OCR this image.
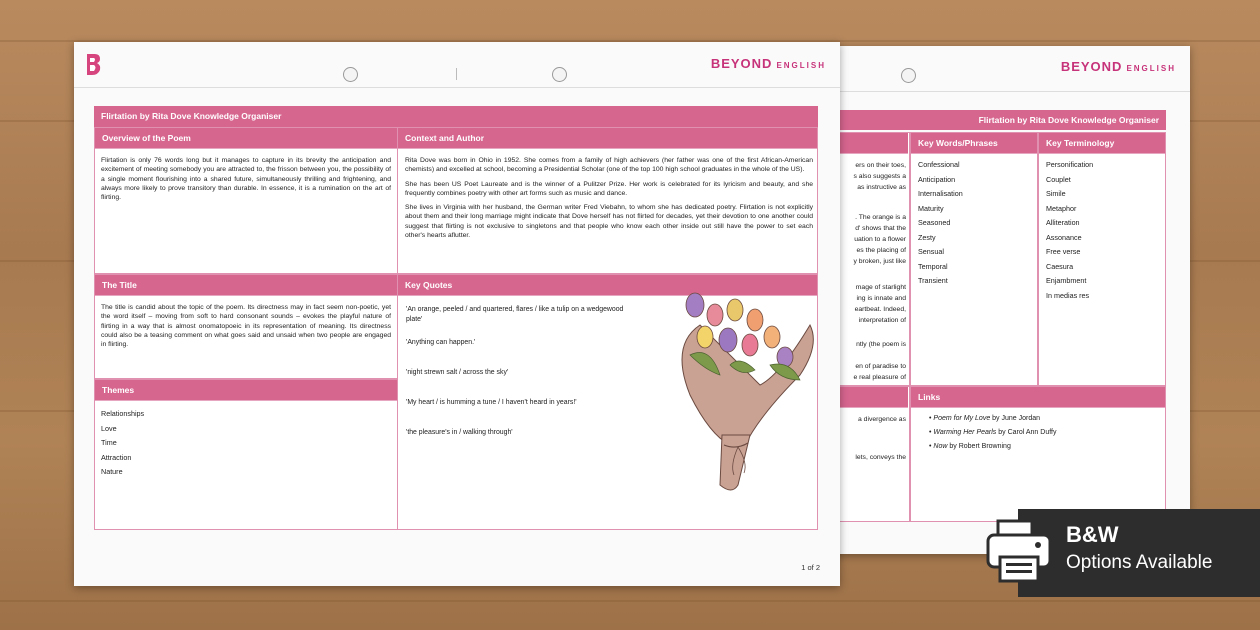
BEYOND ENGLISH
Flirtation by Rita Dove Knowledge Organiser
ers on their toes,
s also suggests a
as instructive as
. The orange is a
d' shows that the
uation to a flower
es the placing of
y broken, just like
mage of starlight
ing is innate and
eartbeat. Indeed,
interpretation of
ntly (the poem is
en of paradise to
e real pleasure of
a divergence as
lets, conveys the
Key Words/Phrases
Confessional
Anticipation
Internalisation
Maturity
Seasoned
Zesty
Sensual
Temporal
Transient
Key Terminology
Personification
Couplet
Simile
Metaphor
Alliteration
Assonance
Free verse
Caesura
Enjambment
In medias res
Links
• Poem for My Love by June Jordan
• Warming Her Pearls by Carol Ann Duffy
• Now by Robert Browning
BEYOND ENGLISH
Flirtation by Rita Dove Knowledge Organiser
Overview of the Poem
Flirtation is only 76 words long but it manages to capture in its brevity the anticipation and excitement of meeting somebody you are attracted to, the frisson between you, the possibility of a single moment flourishing into a shared future, simultaneously thrilling and frightening, and always more likely to prove transitory than durable. In essence, it is a rumination on the art of flirting.
Context and Author

Rita Dove was born in Ohio in 1952. She comes from a family of high achievers (her father was one of the first African-American chemists) and excelled at school, becoming a Presidential Scholar (one of the top 100 high school graduates in the whole of the US).

She has been US Poet Laureate and is the winner of a Pulitzer Prize. Her work is celebrated for its lyricism and beauty, and she frequently combines poetry with other art forms such as music and dance.

She lives in Virginia with her husband, the German writer Fred Viebahn, to whom she has dedicated poetry. Flirtation is not explicitly about them and their long marriage might indicate that Dove herself has not flirted for decades, yet their devotion to one another could suggest that flirting is not exclusive to singletons and that people who know each other inside out still have the power to set each other's hearts aflutter.

The Title
The title is candid about the topic of the poem. Its directness may in fact seem non-poetic, yet the word itself – moving from soft to hard consonant sounds – evokes the playful nature of flirting in a way that is almost onomatopoeic in its representation of meaning. Its directness could also be a teasing comment on what goes said and unsaid when two people are engaged in flirting.
Themes
Relationships
Love
Time
Attraction
Nature
Key Quotes
'An orange, peeled / and quartered, flares / like a tulip on a wedgewood plate'
'Anything can happen.'
'night strewn salt / across the sky'
'My heart / is humming a tune / I haven't heard in years!'
'the pleasure's in / walking through'
1 of 2
B&W
Options Available
